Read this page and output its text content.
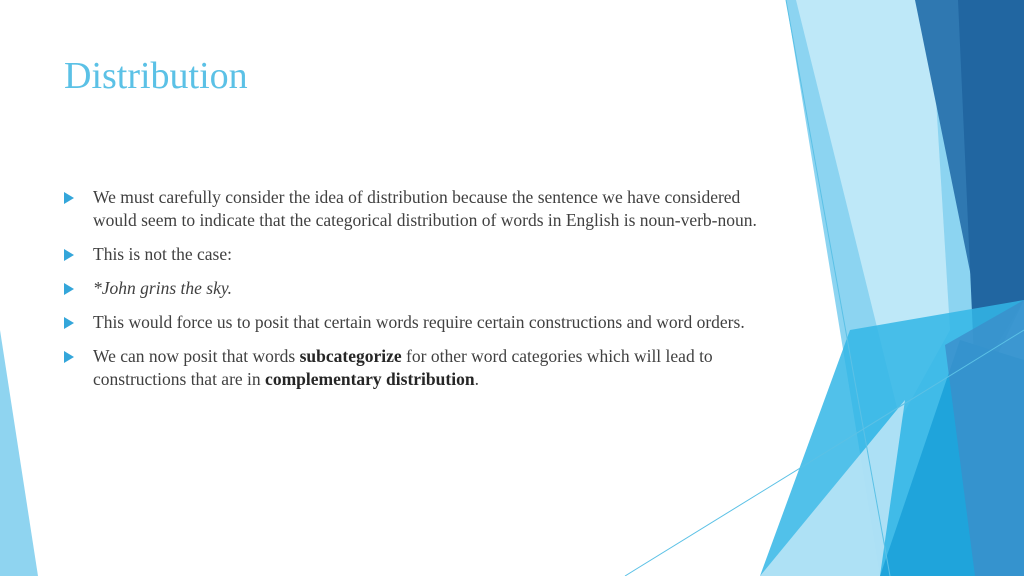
Distribution
We must carefully consider the idea of distribution because the sentence we have considered would seem to indicate that the categorical distribution of words in English is noun-verb-noun.
This is not the case:
*John grins the sky.
This would force us to posit that certain words require certain constructions and word orders.
We can now posit that words subcategorize for other word categories which will lead to constructions that are in complementary distribution.
